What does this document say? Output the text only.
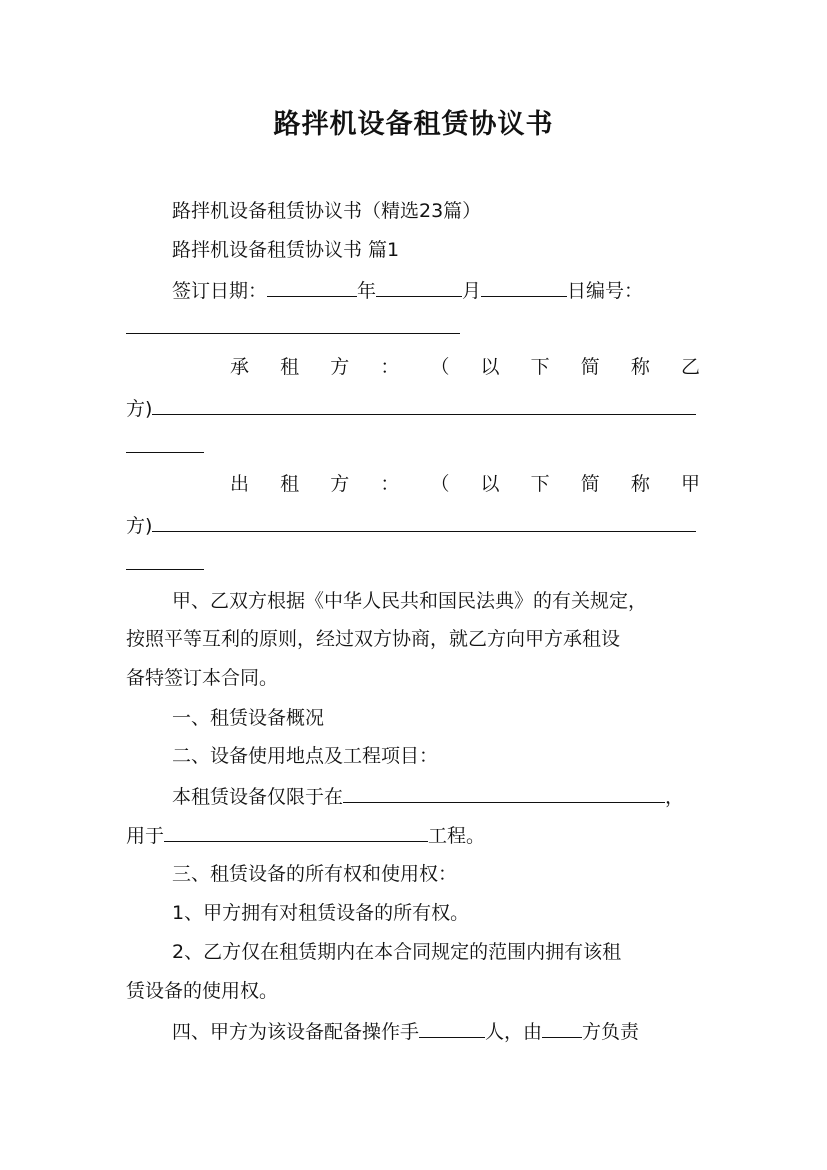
路拌机设备租赁协议书
路拌机设备租赁协议书（精选23篇）
路拌机设备租赁协议书 篇1
签订日期：	年	月	日编号：
承 租 方 ： （ 以 下 简 称 乙
方)
出 租 方 ： （ 以 下 简 称 甲
方)
甲、乙双方根据《中华人民共和国民法典》的有关规定，
按照平等互利的原则，经过双方协商，就乙方向甲方承租设
备特签订本合同。
一、租赁设备概况
二、设备使用地点及工程项目：
本租赁设备仅限于在	，
用于	工程。
三、租赁设备的所有权和使用权：
1、甲方拥有对租赁设备的所有权。
2、乙方仅在租赁期内在本合同规定的范围内拥有该租
赁设备的使用权。
四、甲方为该设备配备操作手	人，由 方负责
